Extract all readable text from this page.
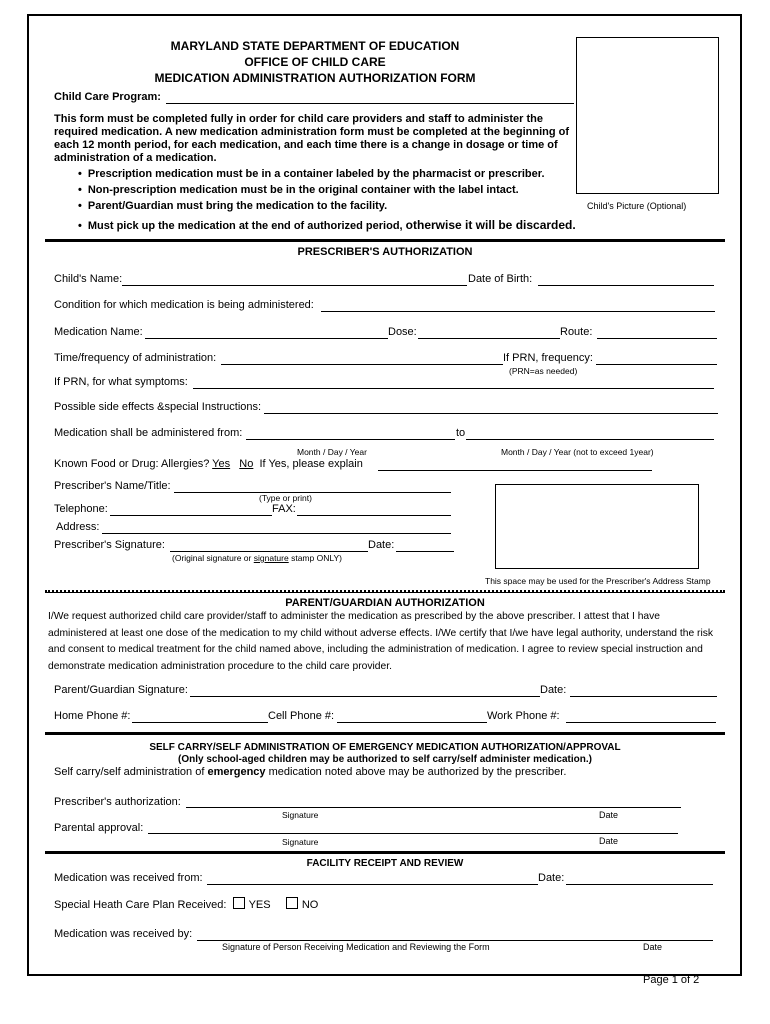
MARYLAND STATE DEPARTMENT OF EDUCATION
OFFICE OF CHILD CARE
MEDICATION ADMINISTRATION AUTHORIZATION FORM
Child Care Program:
Child's Picture (Optional)
This form must be completed fully in order for child care providers and staff to administer the required medication. A new medication administration form must be completed at the beginning of each 12 month period, for each medication, and each time there is a change in dosage or time of administration of a medication.
• Prescription medication must be in a container labeled by the pharmacist or prescriber.
• Non-prescription medication must be in the original container with the label intact.
• Parent/Guardian must bring the medication to the facility.
• Must pick up the medication at the end of authorized period, otherwise it will be discarded.
PRESCRIBER'S AUTHORIZATION
Child's Name:	Date of Birth:
Condition for which medication is being administered:
Medication Name:	Dose:	Route:
Time/frequency of administration:	If PRN, frequency:
(PRN=as needed)
If PRN, for what symptoms:
Possible side effects &special Instructions:
Medication shall be administered from:	to
Month / Day / Year	Month / Day / Year (not to exceed 1year)
Known Food or Drug: Allergies? Yes No If Yes, please explain
Prescriber's Name/Title:
(Type or print)
Telephone:	FAX:
Address:
Prescriber's Signature:	Date:
(Original signature or signature stamp ONLY)
This space may be used for the Prescriber's Address Stamp
PARENT/GUARDIAN AUTHORIZATION
I/We request authorized child care provider/staff to administer the medication as prescribed by the above prescriber. I attest that I have administered at least one dose of the medication to my child without adverse effects. I/We certify that I/we have legal authority, understand the risk and consent to medical treatment for the child named above, including the administration of medication. I agree to review special instruction and demonstrate medication administration procedure to the child care provider.
Parent/Guardian Signature:	Date:
Home Phone #:	Cell Phone #:	Work Phone #:
SELF CARRY/SELF ADMINISTRATION OF EMERGENCY MEDICATION AUTHORIZATION/APPROVAL
(Only school-aged children may be authorized to self carry/self administer medication.)
Self carry/self administration of emergency medication noted above may be authorized by the prescriber.
Prescriber's authorization:
Signature	Date
Parental approval:
Signature	Date
FACILITY RECEIPT AND REVIEW
Medication was received from:	Date:
Special Heath Care Plan Received: YES	NO
Medication was received by:
Signature of Person Receiving Medication and Reviewing the Form	Date
Page 1 of 2
